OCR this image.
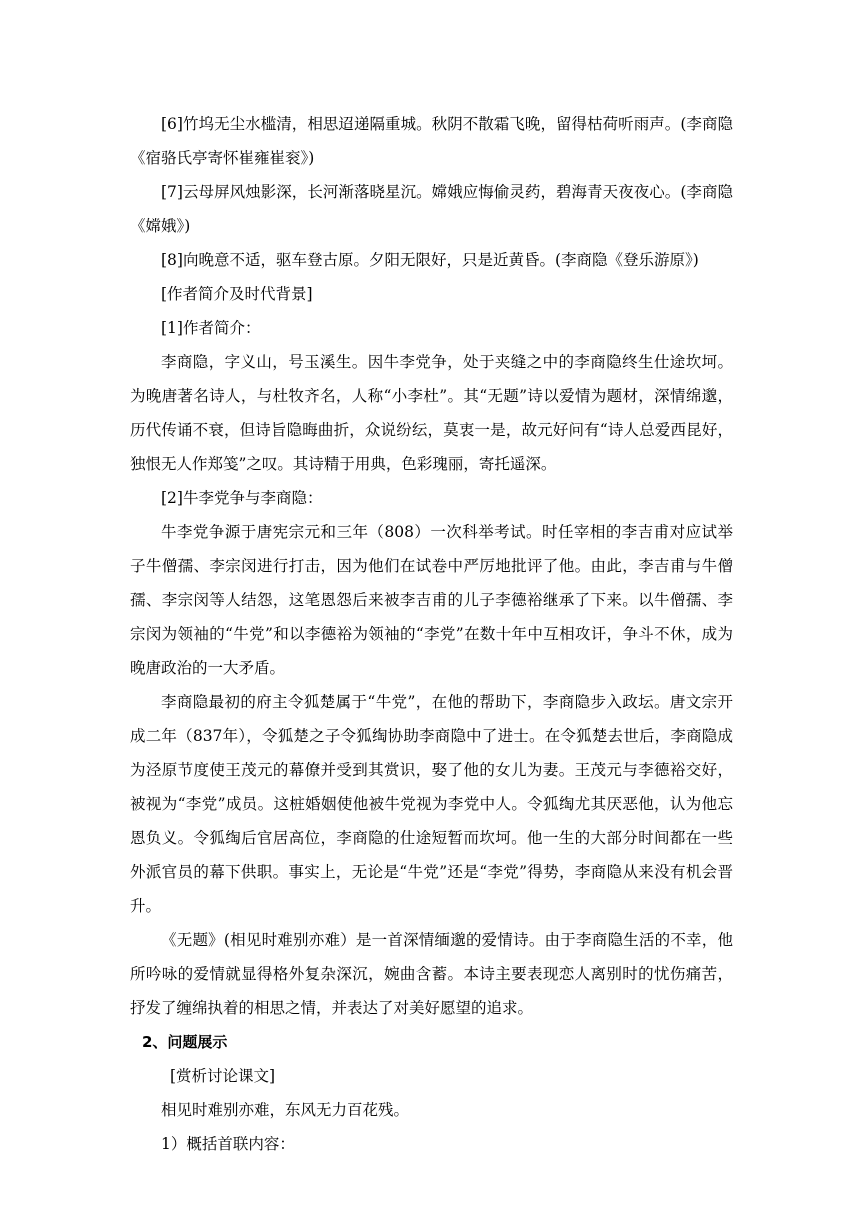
[6]竹坞无尘水槛清，相思迢递隔重城。秋阴不散霜飞晚，留得枯荷听雨声。(李商隐 《宿骆氏亭寄怀崔雍崔衮》)

[7]云母屏风烛影深，长河渐落晓星沉。嫦娥应悔偷灵药，碧海青天夜夜心。(李商隐《嫦娥》)

[8]向晚意不适，驱车登古原。夕阳无限好，只是近黄昏。(李商隐《登乐游原》)

[作者简介及时代背景]

[1]作者简介：

李商隐，字义山，号玉溪生。因牛李党争，处于夹缝之中的李商隐终生仕途坎坷。为晚唐著名诗人，与杜牧齐名，人称“小李杜”。其“无题”诗以爱情为题材，深情绵邈，历代传诵不衰，但诗旨隐晦曲折，众说纷纭，莫衷一是，故元好问有“诗人总爱西昆好，独恨无人作郑笺”之叹。其诗精于用典，色彩瑰丽，寄托遥深。

[2]牛李党争与李商隐：

牛李党争源于唐宪宗元和三年（808）一次科举考试。时任宰相的李吉甫对应试举子牛僧孺、李宗闵进行打击，因为他们在试卷中严厉地批评了他。由此，李吉甫与牛僧孺、李宗闵等人结怨，这笔恩怨后来被李吉甫的儿子李德裕继承了下来。以牛僧孺、李宗闵为领袖的“牛党”和以李德裕为领袖的“李党”在数十年中互相攻讦，争斗不休，成为晚唐政治的一大矛盾。

李商隐最初的府主令狐楚属于“牛党”，在他的帮助下，李商隐步入政坛。唐文宗开成二年（837年），令狐楚之子令狐绹协助李商隐中了进士。在令狐楚去世后，李商隐成为泾原节度使王茂元的幕僚并受到其赏识，娶了他的女儿为妻。王茂元与李德裕交好，被视为“李党”成员。这桩婚姻使他被牛党视为李党中人。令狐绹尤其厌恶他，认为他忘恩负义。令狐绹后官居高位，李商隐的仕途短暂而坎坷。他一生的大部分时间都在一些外派官员的幕下供职。事实上，无论是“牛党”还是“李党”得势，李商隐从来没有机会晋升。

《无题》(相见时难别亦难）是一首深情缅邈的爱情诗。由于李商隐生活的不幸，他所吟咏的爱情就显得格外复杂深沉，婉曲含蓄。本诗主要表现恋人离别时的忧伤痛苦，抒发了缠绵执着的相思之情，并表达了对美好愿望的追求。

2、问题展示

[赏析讨论课文]

相见时难别亦难，东风无力百花残。

1）概括首联内容：
